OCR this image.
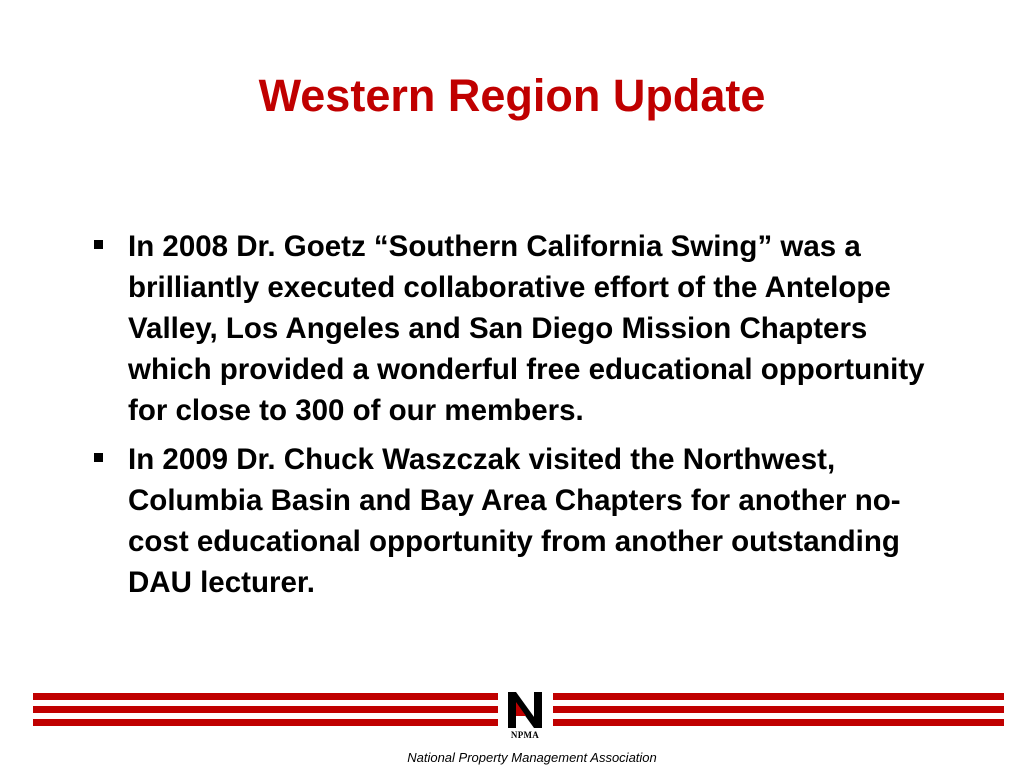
Western Region Update
In 2008 Dr. Goetz “Southern California Swing” was a brilliantly executed collaborative effort of the Antelope Valley, Los Angeles and San Diego Mission Chapters which provided a wonderful free educational opportunity for close to 300 of our members.
In 2009 Dr. Chuck Waszczak visited the Northwest, Columbia Basin and Bay Area Chapters for another no-cost educational opportunity from another outstanding DAU lecturer.
NPMA
National Property Management Association
